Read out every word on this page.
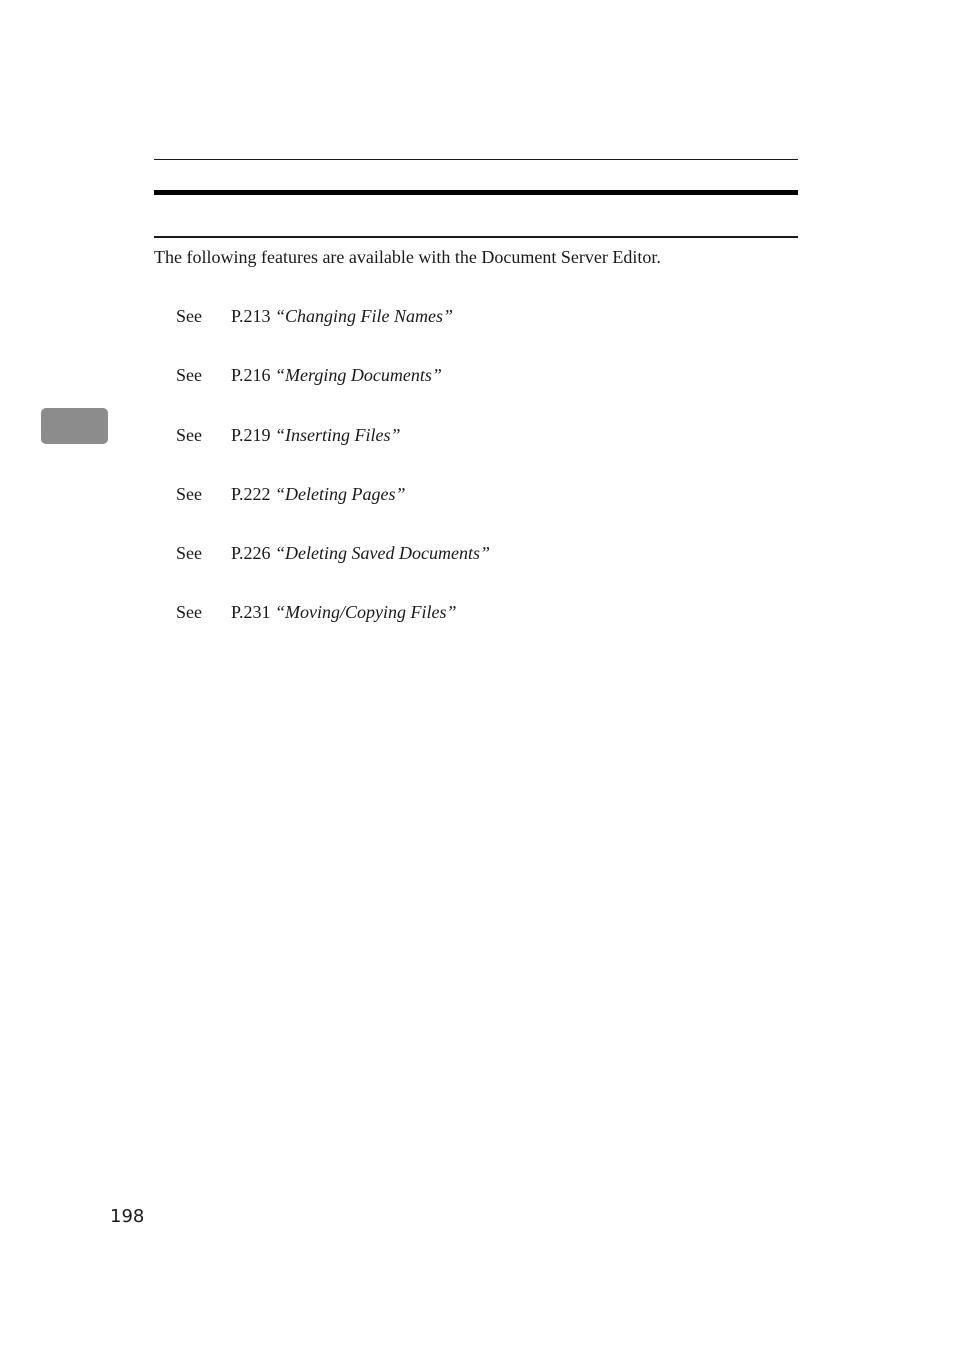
The following features are available with the Document Server Editor.
See P.213 “Changing File Names”
See P.216 “Merging Documents”
See P.219 “Inserting Files”
See P.222 “Deleting Pages”
See P.226 “Deleting Saved Documents”
See P.231 “Moving/Copying Files”
198
